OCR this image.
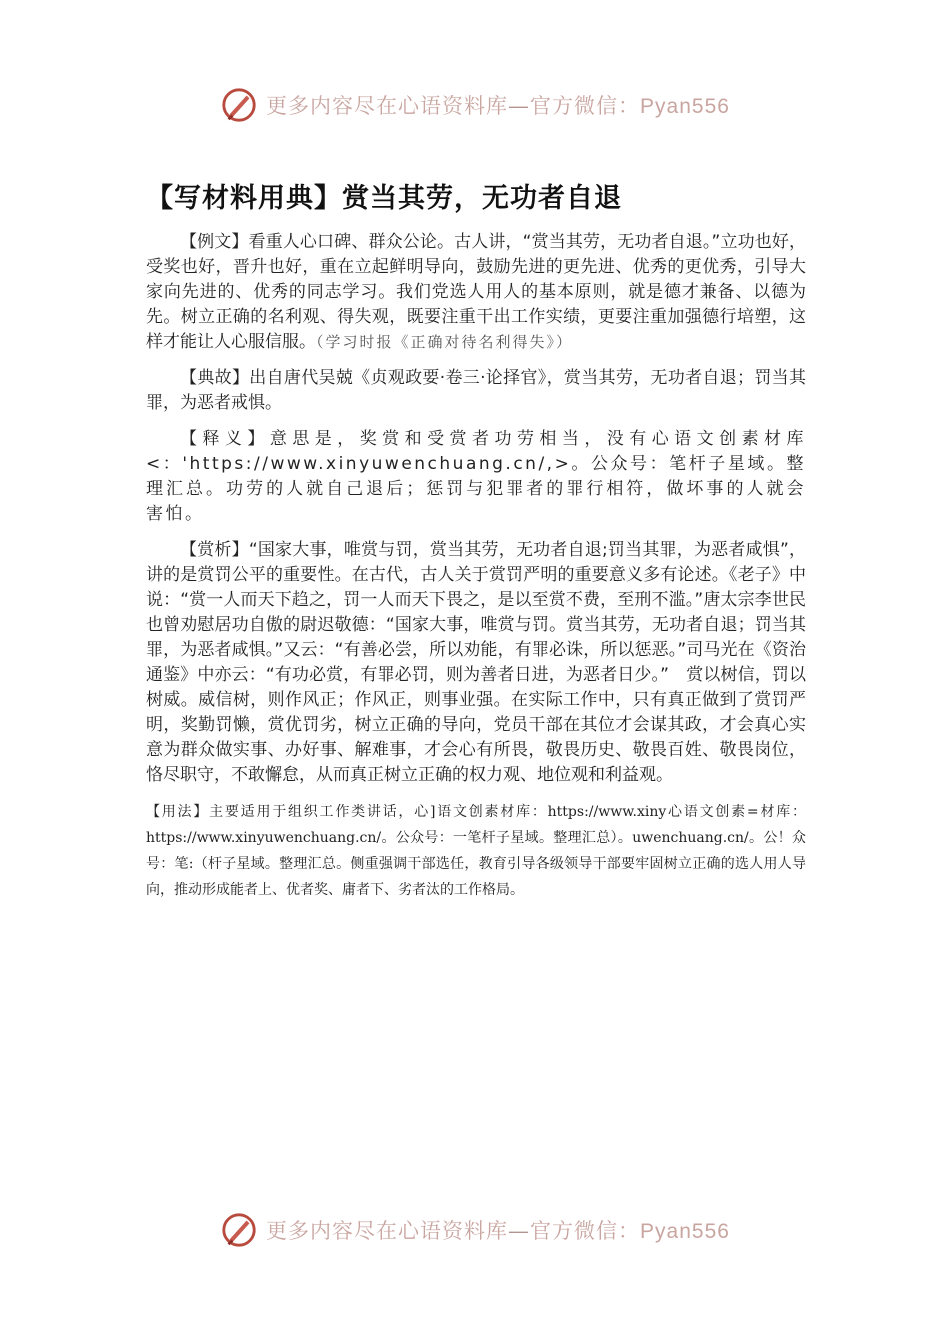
更多内容尽在心语资料库—官方微信：Pyan556
【写材料用典】赏当其劳，无功者自退

【例文】看重人心口碑、群众公论。古人讲，“赏当其劳，无功者自退。”立功也好，受奖也好，晋升也好，重在立起鲜明导向，鼓励先进的更先进、优秀的更优秀，引导大家向先进的、优秀的同志学习。我们党选人用人的基本原则，就是德才兼备、以德为先。树立正确的名利观、得失观，既要注重干出工作实绩，更要注重加强德行培塑，这样才能让人心服信服。（学习时报《正确对待名利得失》）

【典故】出自唐代吴兢《贞观政要·卷三·论择官》，赏当其劳，无功者自退；罚当其罪，为恶者戒惧。

【释义】意思是，奖赏和受赏者功劳相当，没有心语文创素材库<：'https://www.xinyuwenchuang.cn/,>。公众号：笔杆子星域。整理汇总。功劳的人就自己退后；惩罚与犯罪者的罪行相符，做坏事的人就会害怕。

【赏析】“国家大事，唯赏与罚，赏当其劳，无功者自退;罚当其罪，为恶者咸惧”，讲的是赏罚公平的重要性。在古代，古人关于赏罚严明的重要意义多有论述。《老子》中说：“赏一人而天下趋之，罚一人而天下畏之，是以至赏不费，至刑不滥。”唐太宗李世民也曾劝慰居功自傲的尉迟敬德：“国家大事，唯赏与罚。赏当其劳，无功者自退；罚当其罪，为恶者咸惧。”又云：“有善必尝，所以劝能，有罪必诛，所以惩恶。”司马光在《资治通鉴》中亦云：“有功必赏，有罪必罚，则为善者日进，为恶者日少。”　赏以树信，罚以树威。威信树，则作风正；作风正，则事业强。在实际工作中，只有真正做到了赏罚严明，奖勤罚懒，赏优罚劣，树立正确的导向，党员干部在其位才会谋其政，才会真心实意为群众做实事、办好事、解难事，才会心有所畏，敬畏历史、敬畏百姓、敬畏岗位，恪尽职守，不敢懈怠，从而真正树立正确的权力观、地位观和利益观。

【用法】主要适用于组织工作类讲话，心]语文创素材库：https://www.xiny心语文创素=材库：https://www.xinyuwenchuang.cn/。公众号：一笔杆子星域。整理汇总）。uwenchuang.cn/。公！众号：笔:（杆子星域。整理汇总。侧重强调干部选任，教育引导各级领导干部要牢固树立正确的选人用人导向，推动形成能者上、优者奖、庸者下、劣者汰的工作格局。

更多内容尽在心语资料库—官方微信：Pyan556
